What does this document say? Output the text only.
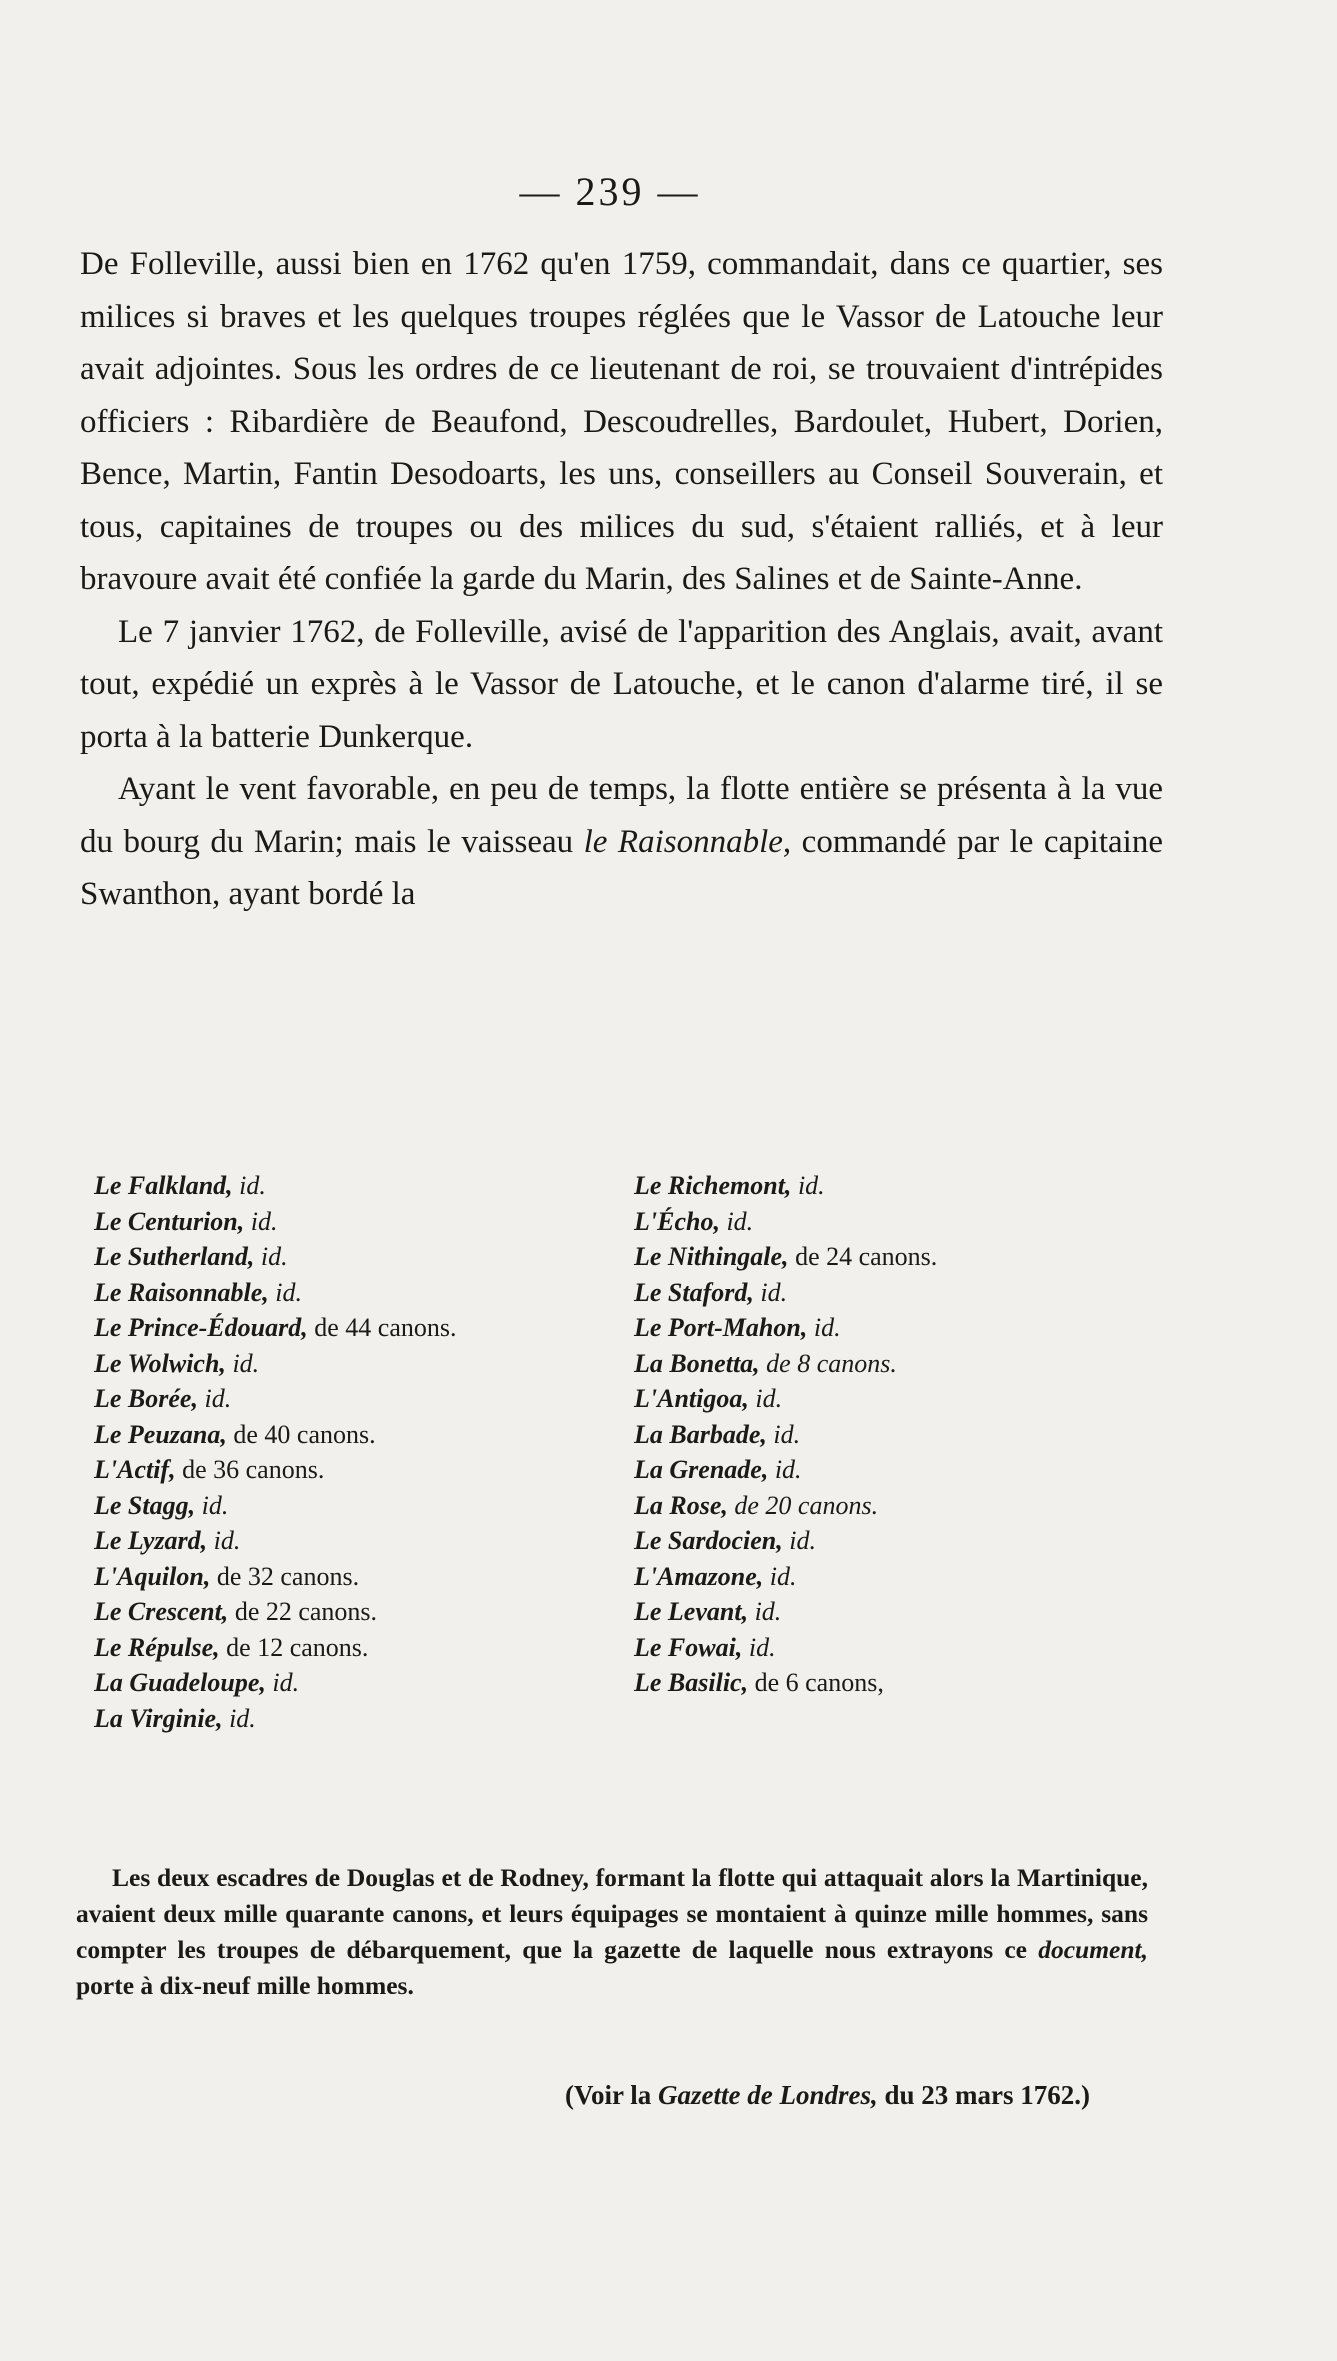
— 239 —

De Folleville, aussi bien en 1762 qu'en 1759, commandait, dans ce quartier, ses milices si braves et les quelques troupes réglées que le Vassor de Latouche leur avait adjointes. Sous les ordres de ce lieutenant de roi, se trouvaient d'intrépides officiers : Ribardière de Beaufond, Descoudrelles, Bardoulet, Hubert, Dorien, Bence, Martin, Fantin Desodoarts, les uns, conseillers au Conseil Souverain, et tous, capitaines de troupes ou des milices du sud, s'étaient ralliés, et à leur bravoure avait été confiée la garde du Marin, des Salines et de Sainte-Anne.

Le 7 janvier 1762, de Folleville, avisé de l'apparition des Anglais, avait, avant tout, expédié un exprès à le Vassor de Latouche, et le canon d'alarme tiré, il se porta à la batterie Dunkerque.

Ayant le vent favorable, en peu de temps, la flotte entière se présenta à la vue du bourg du Marin; mais le vaisseau le Raisonnable, commandé par le capitaine Swanthon, ayant bordé la

Le Falkland, id.	Le Richemont, id.
Le Centurion, id.	L'Écho, id.
Le Sutherland, id.	Le Nithingale, de 24 canons.
Le Raisonnable, id.	Le Staford, id.
Le Prince-Édouard, de 44 canons.	Le Port-Mahon, id.
Le Wolwich, id.	La Bonetta, de 8 canons.
Le Borée, id.	L'Antigoa, id.
Le Peuzana, de 40 canons.	La Barbade, id.
L'Actif, de 36 canons.	La Grenade, id.
Le Stagg, id.	La Rose, de 20 canons.
Le Lyzard, id.	Le Sardocien, id.
L'Aquilon, de 32 canons.	L'Amazone, id.
Le Crescent, de 22 canons.	Le Levant, id.
Le Répulse, de 12 canons.	Le Fowai, id.
La Guadeloupe, id.	Le Basilic, de 6 canons,
La Virginie, id.

Les deux escadres de Douglas et de Rodney, formant la flotte qui attaquait alors la Martinique, avaient deux mille quarante canons, et leurs équipages se montaient à quinze mille hommes, sans compter les troupes de débarquement, que la gazette de laquelle nous extrayons ce document, porte à dix-neuf mille hommes.

(Voir la Gazette de Londres, du 23 mars 1762.)
